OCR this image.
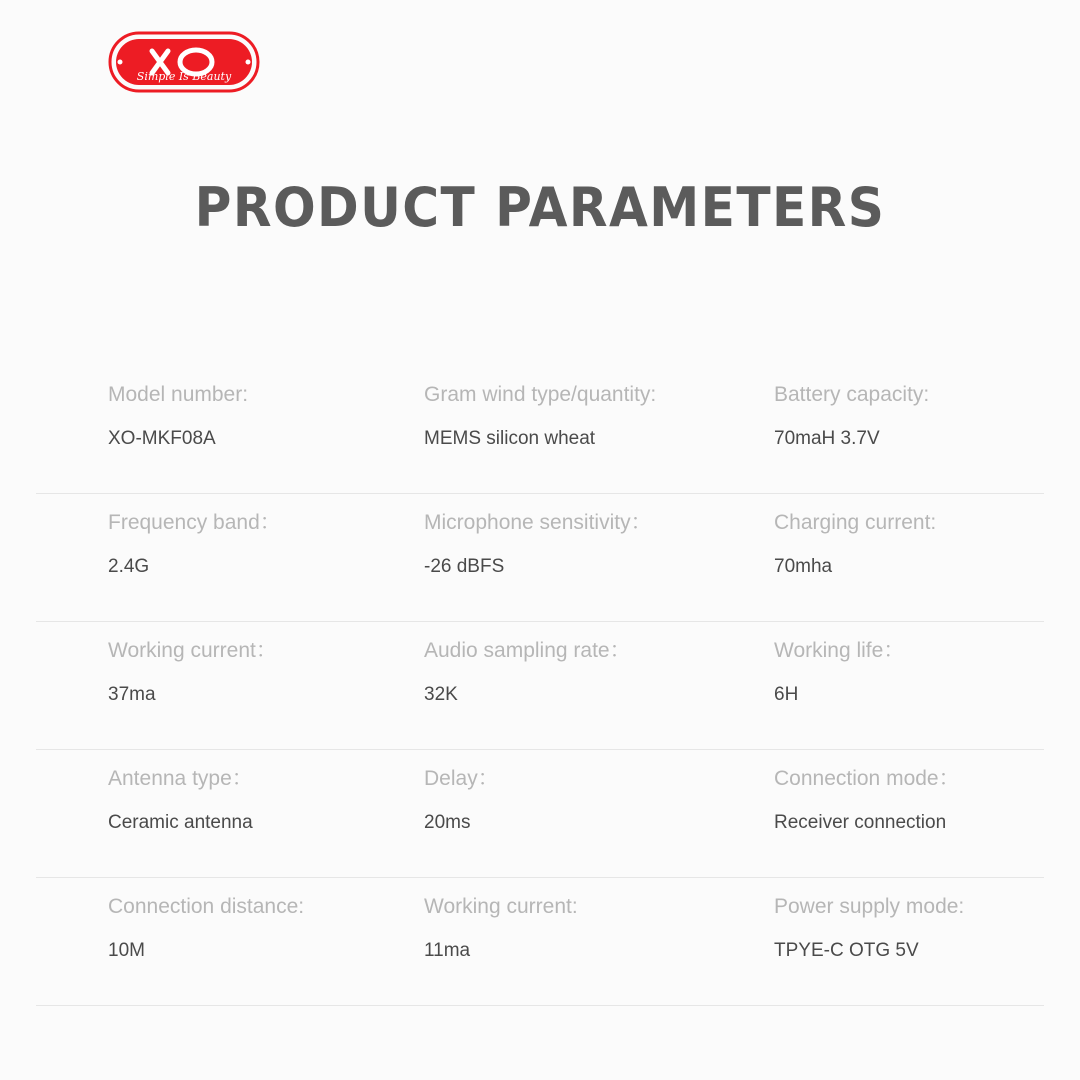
Simple Is Beauty
PRODUCT PARAMETERS
Model number:
XO-MKF08A
Gram wind type/quantity:
MEMS silicon wheat
Battery capacity:
70maH 3.7V
Frequency band：
2.4G
Microphone sensitivity：
-26 dBFS
Charging current:
70mha
Working current：
37ma
Audio sampling rate：
32K
Working life：
6H
Antenna type：
Ceramic antenna
Delay：
20ms
Connection mode：
Receiver connection
Connection distance:
10M
Working current:
11ma
Power supply mode:
TPYE-C OTG 5V
